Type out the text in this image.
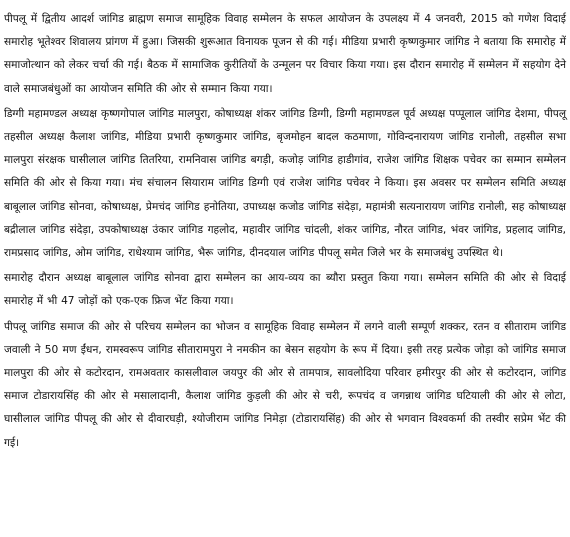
पीपलू में द्वितीय आदर्श जांगिड ब्राह्मण समाज सामूहिक विवाह सम्मेलन के सफल आयोजन के उपलक्ष्य में 4 जनवरी, 2015 को गणेश विदाई समारोह भूतेश्वर शिवालय प्रांगण में हुआ। जिसकी शुरूआत विनायक पूजन से की गई। मीडिया प्रभारी कृष्णकुमार जांगिड ने बताया कि समारोह में समाजोत्थान को लेकर चर्चा की गई। बैठक में सामाजिक कुरीतियों के उन्मूलन पर विचार किया गया। इस दौरान समारोह में सम्मेलन में सहयोग देने वाले समाजबंधुओं का आयोजन समिति की ओर से सम्मान किया गया।

डिग्गी महामण्डल अध्यक्ष कृष्णगोपाल जांगिड मालपुरा, कोषाध्यक्ष शंकर जांगिड डिग्गी, डिग्गी महामण्डल पूर्व अध्यक्ष पप्पूलाल जांगिड देशमा, पीपलू तहसील अध्यक्ष कैलाश जांगिड, मीडिया प्रभारी कृष्णकुमार जांगिड, बृजमोहन बादल कठमाणा, गोविन्दनारायण जांगिड रानोली, तहसील सभा मालपुरा संरक्षक घासीलाल जांगिड तितरिया, रामनिवास जांगिड बगड़ी, कजोड़ जांगिड हाडीगांव, राजेश जांगिड शिक्षक पचेवर का सम्मान सम्मेलन समिति की ओर से किया गया। मंच संचालन सियाराम जांगिड डिग्गी एवं राजेश जांगिड पचेवर ने किया। इस अवसर पर सम्मेलन समिति अध्यक्ष बाबूलाल जांगिड सोनवा, कोषाध्यक्ष, प्रेमचंद जांगिड हनोतिया, उपाध्यक्ष कजोड जांगिड संदेड़ा, महामंत्री सत्यनारायण जांगिड रानोली, सह कोषाध्यक्ष बद्रीलाल जांगिड संदेड़ा, उपकोषाध्यक्ष उंकार जांगिड गहलोद, महावीर जांगिड चांदली, शंकर जांगिड, नौरत जांगिड, भंवर जांगिड, प्रहलाद जांगिड, रामप्रसाद जांगिड, ओम जांगिड, राधेश्याम जांगिड, भैरू जांगिड, दीनदयाल जांगिड पीपलू समेत जिले भर के समाजबंधु उपस्थित थे।

समारोह दौरान अध्यक्ष बाबूलाल जांगिड सोनवा द्वारा सम्मेलन का आय-व्यय का ब्यौरा प्रस्तुत किया गया। सम्मेलन समिति की ओर से विदाई समारोह में भी 47 जोड़ों को एक-एक फ्रिज भेंट किया गया।

पीपलू जांगिड समाज की ओर से परिचय सम्मेलन का भोजन व सामूहिक विवाह सम्मेलन में लगने वाली सम्पूर्ण शक्कर, रतन व सीताराम जांगिड जवाली ने 50 मण ईंधन, रामस्वरूप जांगिड सीतारामपुरा ने नमकीन का बेसन सहयोग के रूप में दिया। इसी तरह प्रत्येक जोड़ा को जांगिड समाज मालपुरा की ओर से कटोरदान, रामअवतार कासलीवाल जयपुर की ओर से तामपात्र, सावलोदिया परिवार हमीरपुर की ओर से कटोरदान, जांगिड समाज टोडारायसिंह की ओर से मसालादानी, कैलाश जांगिड कुड़ली की ओर से चरी, रूपचंद व जगन्नाथ जांगिड घटियाली की ओर से लोटा, घासीलाल जांगिड पीपलू की ओर से दीवारघड़ी, श्योजीराम जांगिड निमेड़ा (टोडारायसिंह) की ओर से भगवान विश्वकर्मा की तस्वीर सप्रेम भेंट की गई।
